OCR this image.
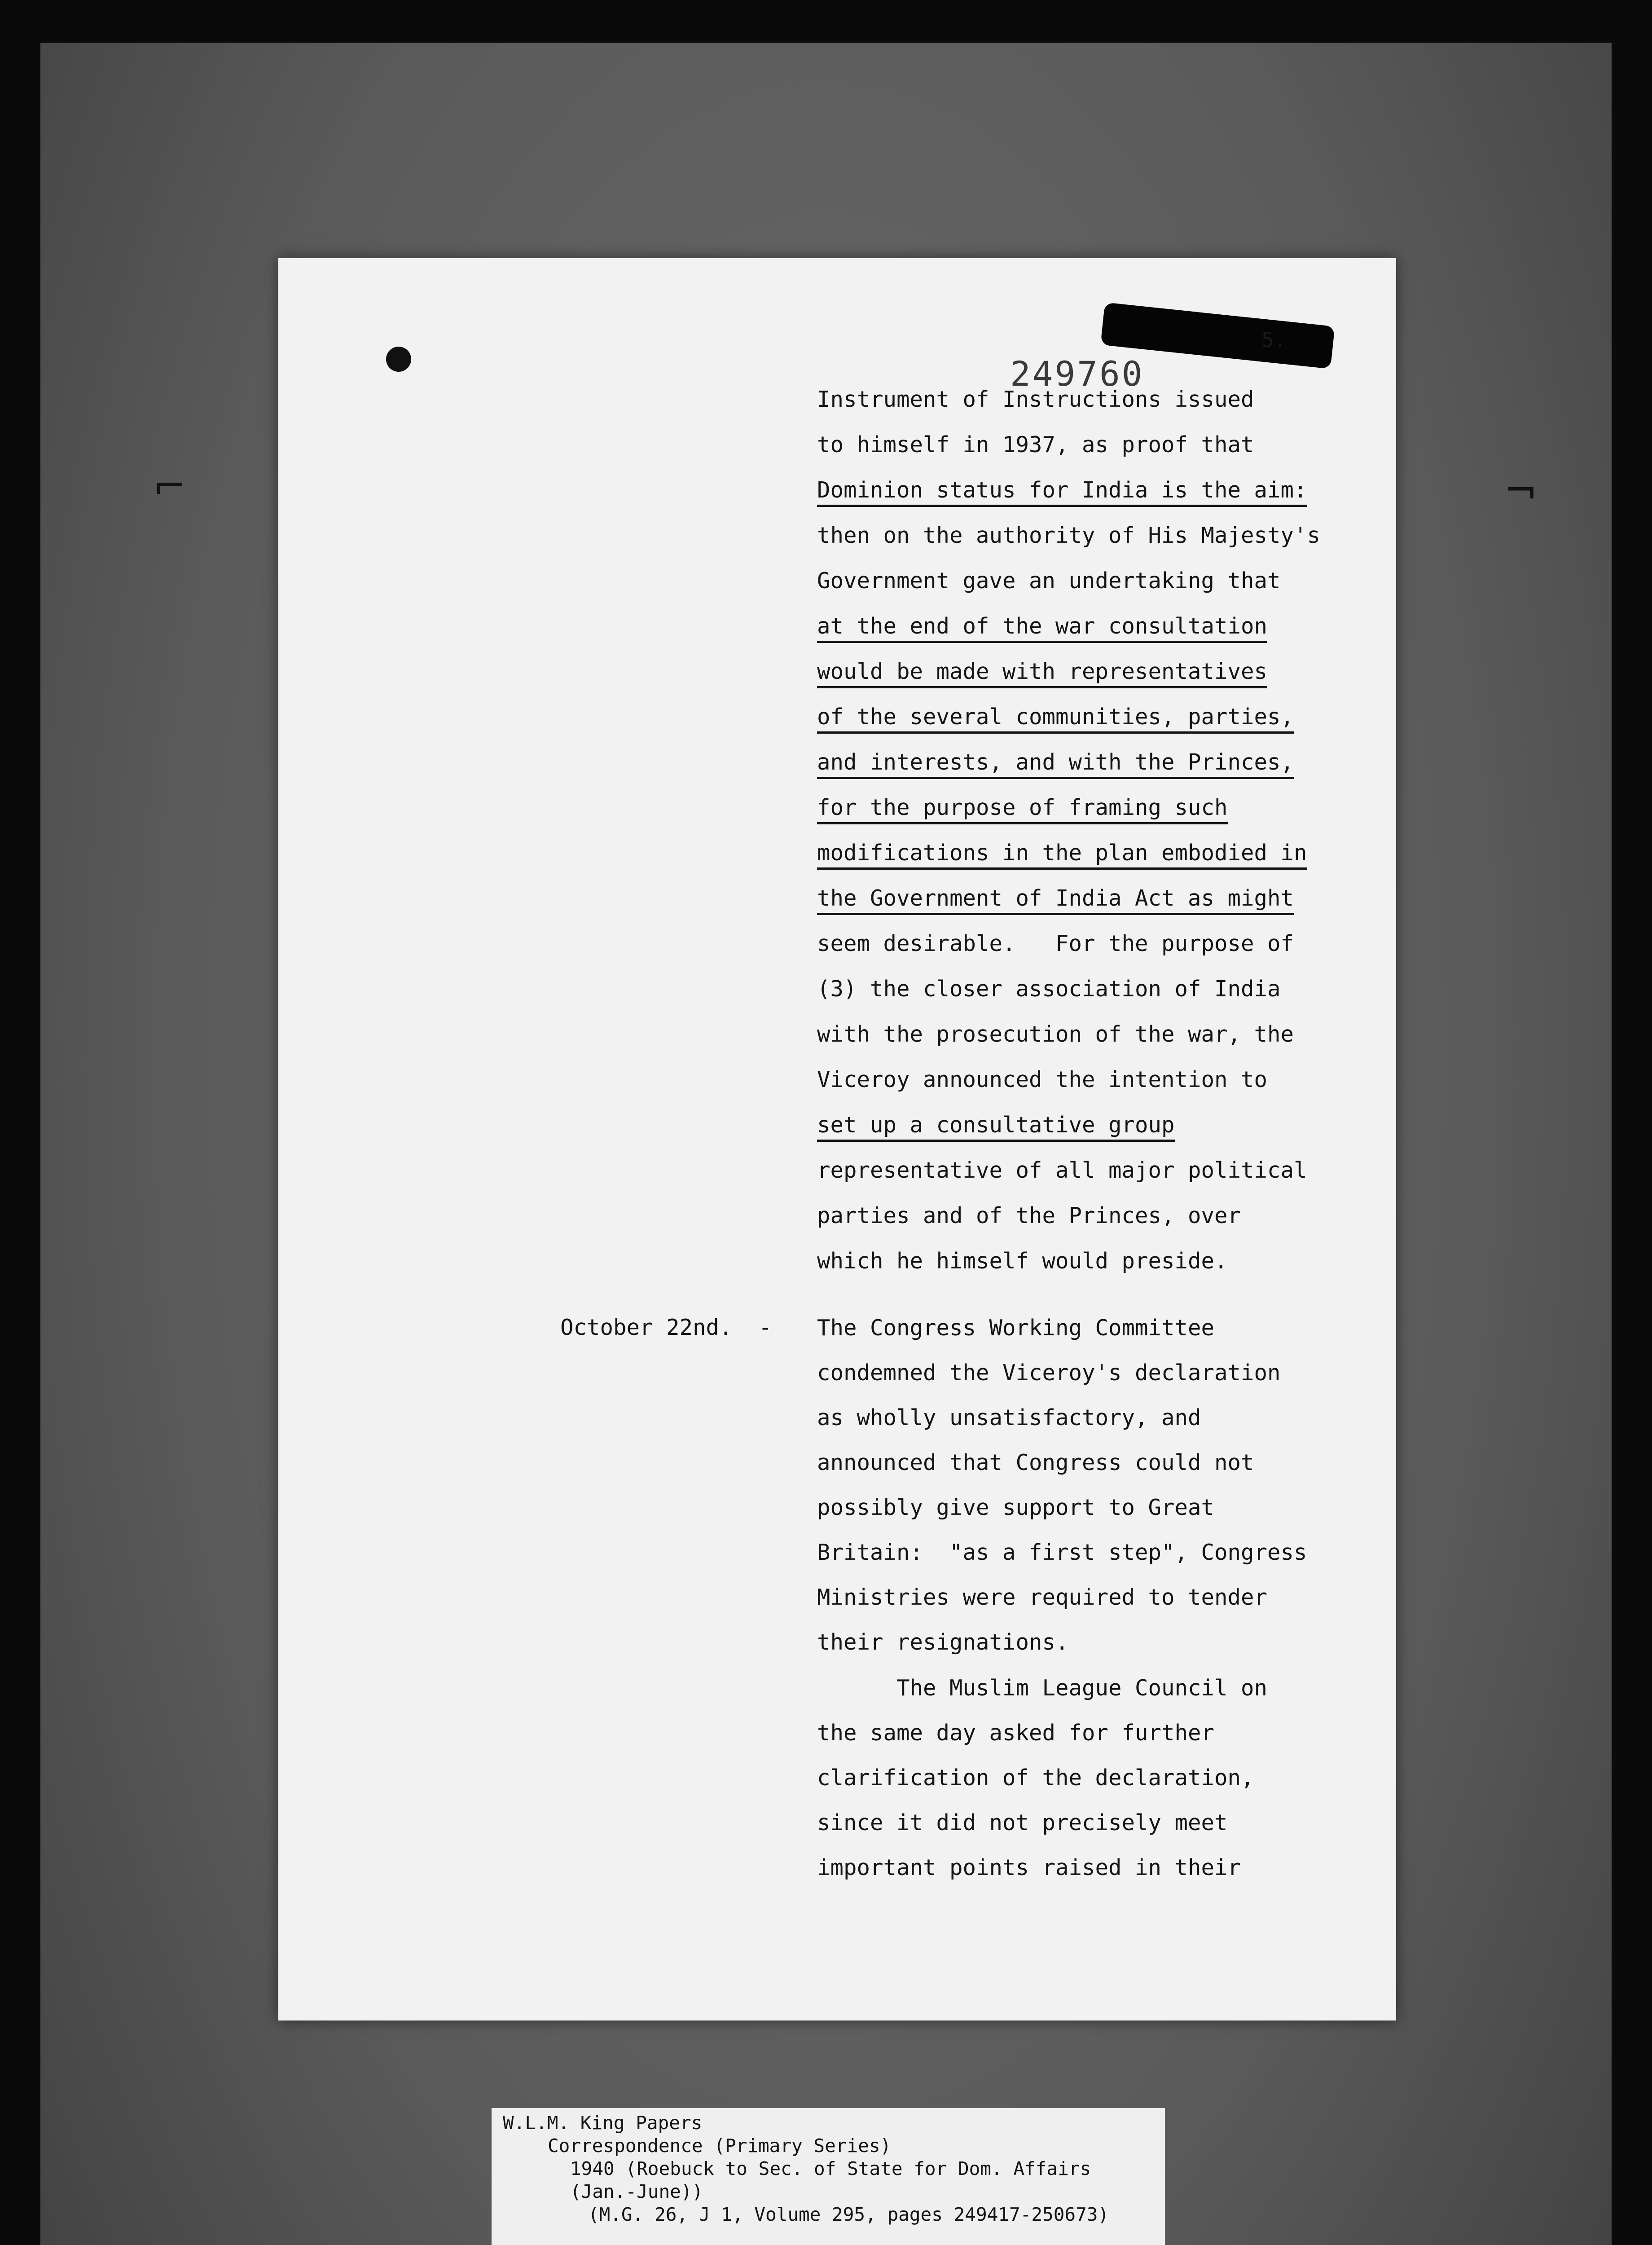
249760
5.
Instrument of Instructions issued
to himself in 1937, as proof that
Dominion status for India is the aim:
then on the authority of His Majesty's
Government gave an undertaking that
at the end of the war consultation
would be made with representatives
of the several communities, parties,
and interests, and with the Princes,
for the purpose of framing such
modifications in the plan embodied in
the Government of India Act as might
seem desirable.   For the purpose of
(3) the closer association of India
with the prosecution of the war, the
Viceroy announced the intention to
set up a consultative group
representative of all major political
parties and of the Princes, over
which he himself would preside.
October 22nd. - The Congress Working Committee
condemned the Viceroy's declaration
as wholly unsatisfactory, and
announced that Congress could not
possibly give support to Great
Britain:  "as a first step", Congress
Ministries were required to tender
their resignations.
The Muslim League Council on
the same day asked for further
clarification of the declaration,
since it did not precisely meet
important points raised in their
⌐	¬
W.L.M. King Papers
Correspondence (Primary Series)
1940 (Roebuck to Sec. of State for Dom. Affairs
(Jan.-June))
(M.G. 26, J 1, Volume 295, pages 249417-250673)
